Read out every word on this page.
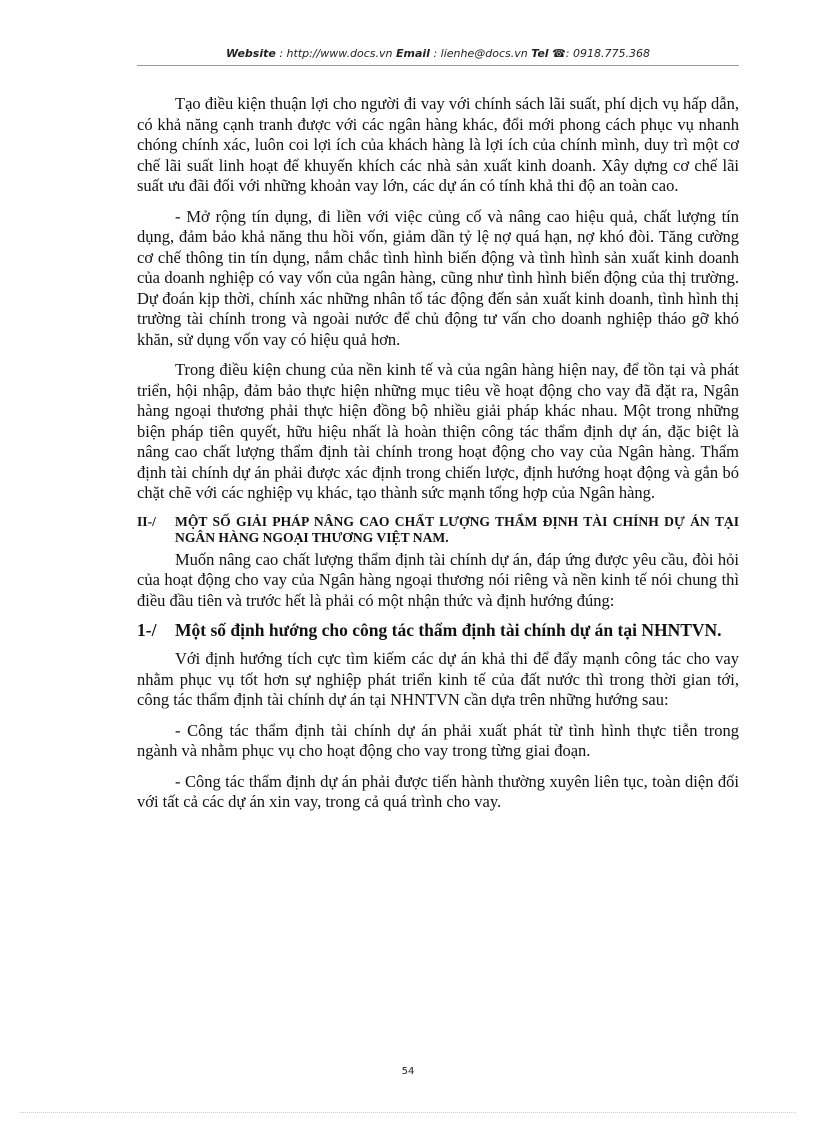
Website : http://www.docs.vn Email : lienhe@docs.vn Tel ☎: 0918.775.368

Tạo điều kiện thuận lợi cho người đi vay với chính sách lãi suất, phí dịch vụ hấp dẫn, có khả năng cạnh tranh được với các ngân hàng khác, đổi mới phong cách phục vụ nhanh chóng chính xác, luôn coi lợi ích của khách hàng là lợi ích của chính mình, duy trì một cơ chế lãi suất linh hoạt để khuyến khích các nhà sản xuất kinh doanh. Xây dựng cơ chế lãi suất ưu đãi đối với những khoản vay lớn, các dự án có tính khả thi độ an toàn cao.

- Mở rộng tín dụng, đi liền với việc củng cố và nâng cao hiệu quả, chất lượng tín dụng, đảm bảo khả năng thu hồi vốn, giảm dần tỷ lệ nợ quá hạn, nợ khó đòi. Tăng cường cơ chế thông tin tín dụng, nắm chắc tình hình biến động và tình hình sản xuất kinh doanh của doanh nghiệp có vay vốn của ngân hàng, cũng như tình hình biến động của thị trường. Dự đoán kịp thời, chính xác những nhân tố tác động đến sản xuất kinh doanh, tình hình thị trường tài chính trong và ngoài nước để chủ động tư vấn cho doanh nghiệp tháo gỡ khó khăn, sử dụng vốn vay có hiệu quả hơn.

Trong điều kiện chung của nền kinh tế và của ngân hàng hiện nay, để tồn tại và phát triển, hội nhập, đảm bảo thực hiện những mục tiêu về hoạt động cho vay đã đặt ra, Ngân hàng ngoại thương phải thực hiện đồng bộ nhiều giải pháp khác nhau. Một trong những biện pháp tiên quyết, hữu hiệu nhất là hoàn thiện công tác thẩm định dự án, đặc biệt là nâng cao chất lượng thẩm định tài chính trong hoạt động cho vay của Ngân hàng. Thẩm định tài chính dự án phải được xác định trong chiến lược, định hướng hoạt động và gắn bó chặt chẽ với các nghiệp vụ khác, tạo thành sức mạnh tổng hợp của Ngân hàng.

II-/	MỘT SỐ GIẢI PHÁP NÂNG CAO CHẤT LƯỢNG THẨM ĐỊNH TÀI CHÍNH DỰ ÁN TẠI NGÂN HÀNG NGOẠI THƯƠNG VIỆT NAM.

Muốn nâng cao chất lượng thẩm định tài chính dự án, đáp ứng được yêu cầu, đòi hỏi của hoạt động cho vay của Ngân hàng ngoại thương nói riêng và nền kinh tế nói chung thì điều đầu tiên và trước hết là phải có một nhận thức và định hướng đúng:

1-/	Một số định hướng cho công tác thẩm định tài chính dự án tại NHNTVN.

Với định hướng tích cực tìm kiếm các dự án khả thi để đẩy mạnh công tác cho vay nhằm phục vụ tốt hơn sự nghiệp phát triển kinh tế của đất nước thì trong thời gian tới, công tác thẩm định tài chính dự án tại NHNTVN cần dựa trên những hướng sau:

- Công tác thẩm định tài chính dự án phải xuất phát từ tình hình thực tiễn trong ngành và nhằm phục vụ cho hoạt động cho vay trong từng giai đoạn.

- Công tác thẩm định dự án phải được tiến hành thường xuyên liên tục, toàn diện đối với tất cả các dự án xin vay, trong cả quá trình cho vay.

54
